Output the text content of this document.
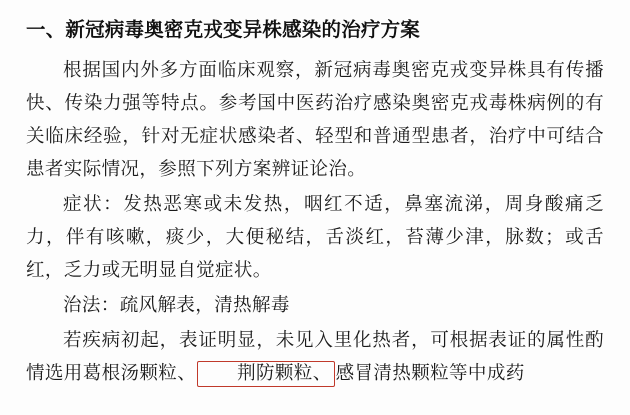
一、新冠病毒奥密克戎变异株感染的治疗方案

根据国内外多方面临床观察，新冠病毒奥密克戎变异株具有传播快、传染力强等特点。参考国中医药治疗感染奥密克戎毒株病例的有关临床经验，针对无症状感染者、轻型和普通型患者，治疗中可结合患者实际情况，参照下列方案辨证论治。

症状：发热恶寒或未发热，咽红不适，鼻塞流涕，周身酸痛乏力，伴有咳嗽，痰少，大便秘结，舌淡红，苔薄少津，脉数；或舌红，乏力或无明显自觉症状。

治法：疏风解表，清热解毒

若疾病初起，表证明显，未见入里化热者，可根据表证的属性酌情选用葛根汤颗粒、 荆防颗粒、 感冒清热颗粒等中成药
